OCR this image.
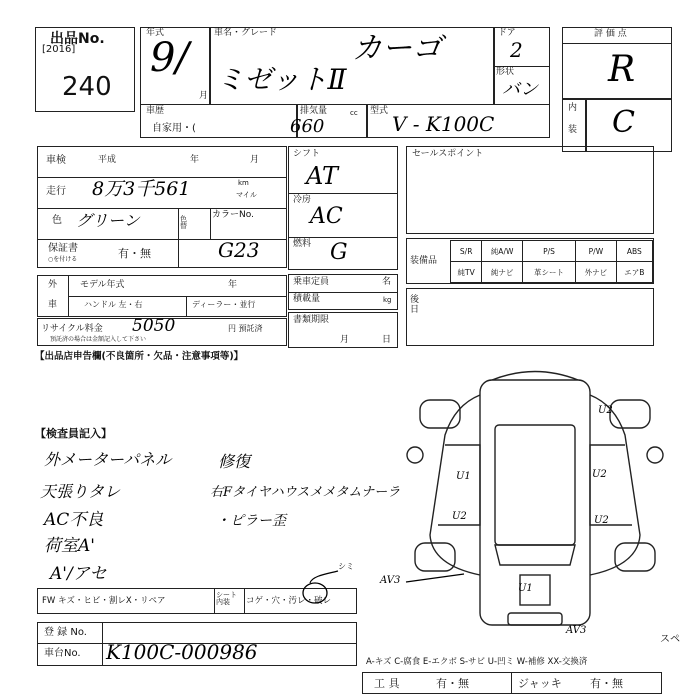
出品No.
[2016]
240
年式
9/
月
車名・グレード カーゴ
ミゼットⅡ
ドア
2
形状
バン
評 価 点
R
内
装 C
車歴
自家用・(
排気量
660
cc 型式
V - K100C
車検	平成	年	月
走行 8万3千561	km
マイル
色 グリーン	色替
カラーNo.
G23
保証書	有・無
○を付ける
外
車
モデル年式	年
ハンドル 左・右	ディーラー・並行
リサイクル料金 5050	円 預託済
預託済の場合は金額記入して下さい
シフト
AT
冷房
AC
燃料 G
乗車定員	名
積載量	kg
書類期限
月	日
セールスポイント
装備品
S/R	純A/W	P/S	P/W	ABS
純TV	純ナビ	革シート	外ナビ	エアB
後日
【出品店申告欄(不良箇所・欠品・注意事項等)】
【検査員記入】
外メーターパネル
天張りタレ
AC不良
荷室A'
A'/アセ
修復
右Fタイヤハウスメメタムナーラ
・ピラー歪
FW キズ・ヒビ・割レX・リペア
シート内装	コゲ・穴・汚レ・破レ
シミ
登 録 No.
車台No. K100C-000986	A-キズ C-腐食 E-エクボ S-サビ U-凹ミ W-補修 XX-交換済
工 具	有・無	ジャッキ	有・無
U2
U1	U2
U2	U2
U1
AV3
AV3
スペ
